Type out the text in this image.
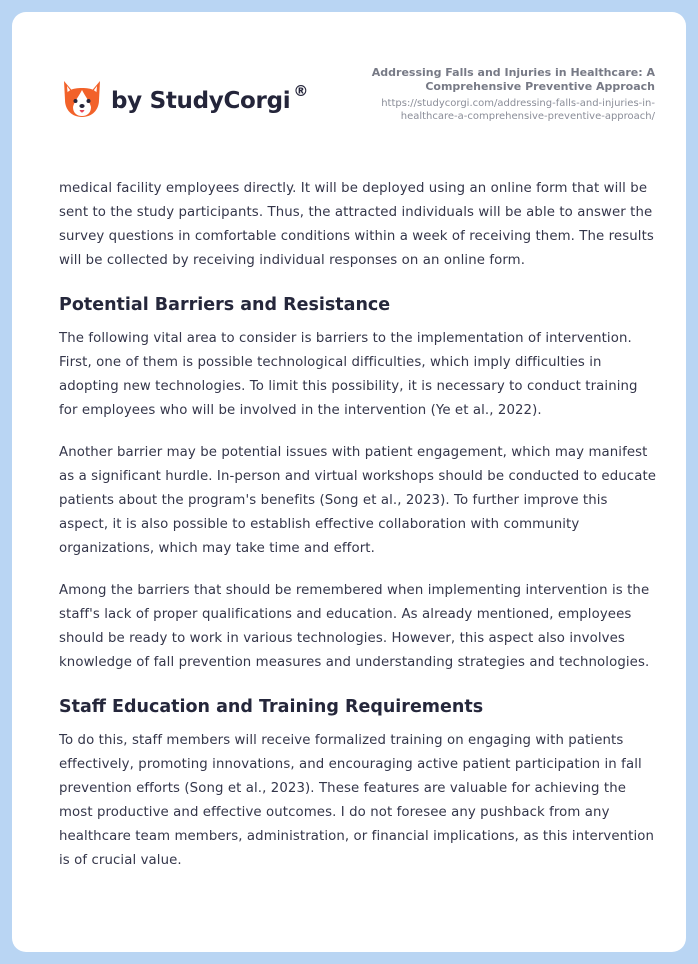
by StudyCorgi ®
Addressing Falls and Injuries in Healthcare: A Comprehensive Preventive Approach
https://studycorgi.com/addressing-falls-and-injuries-in-healthcare-a-comprehensive-preventive-approach/

medical facility employees directly. It will be deployed using an online form that will be sent to the study participants. Thus, the attracted individuals will be able to answer the survey questions in comfortable conditions within a week of receiving them. The results will be collected by receiving individual responses on an online form.

Potential Barriers and Resistance

The following vital area to consider is barriers to the implementation of intervention. First, one of them is possible technological difficulties, which imply difficulties in adopting new technologies. To limit this possibility, it is necessary to conduct training for employees who will be involved in the intervention (Ye et al., 2022).

Another barrier may be potential issues with patient engagement, which may manifest as a significant hurdle. In-person and virtual workshops should be conducted to educate patients about the program's benefits (Song et al., 2023). To further improve this aspect, it is also possible to establish effective collaboration with community organizations, which may take time and effort.

Among the barriers that should be remembered when implementing intervention is the staff's lack of proper qualifications and education. As already mentioned, employees should be ready to work in various technologies. However, this aspect also involves knowledge of fall prevention measures and understanding strategies and technologies.

Staff Education and Training Requirements

To do this, staff members will receive formalized training on engaging with patients effectively, promoting innovations, and encouraging active patient participation in fall prevention efforts (Song et al., 2023). These features are valuable for achieving the most productive and effective outcomes. I do not foresee any pushback from any healthcare team members, administration, or financial implications, as this intervention is of crucial value.
